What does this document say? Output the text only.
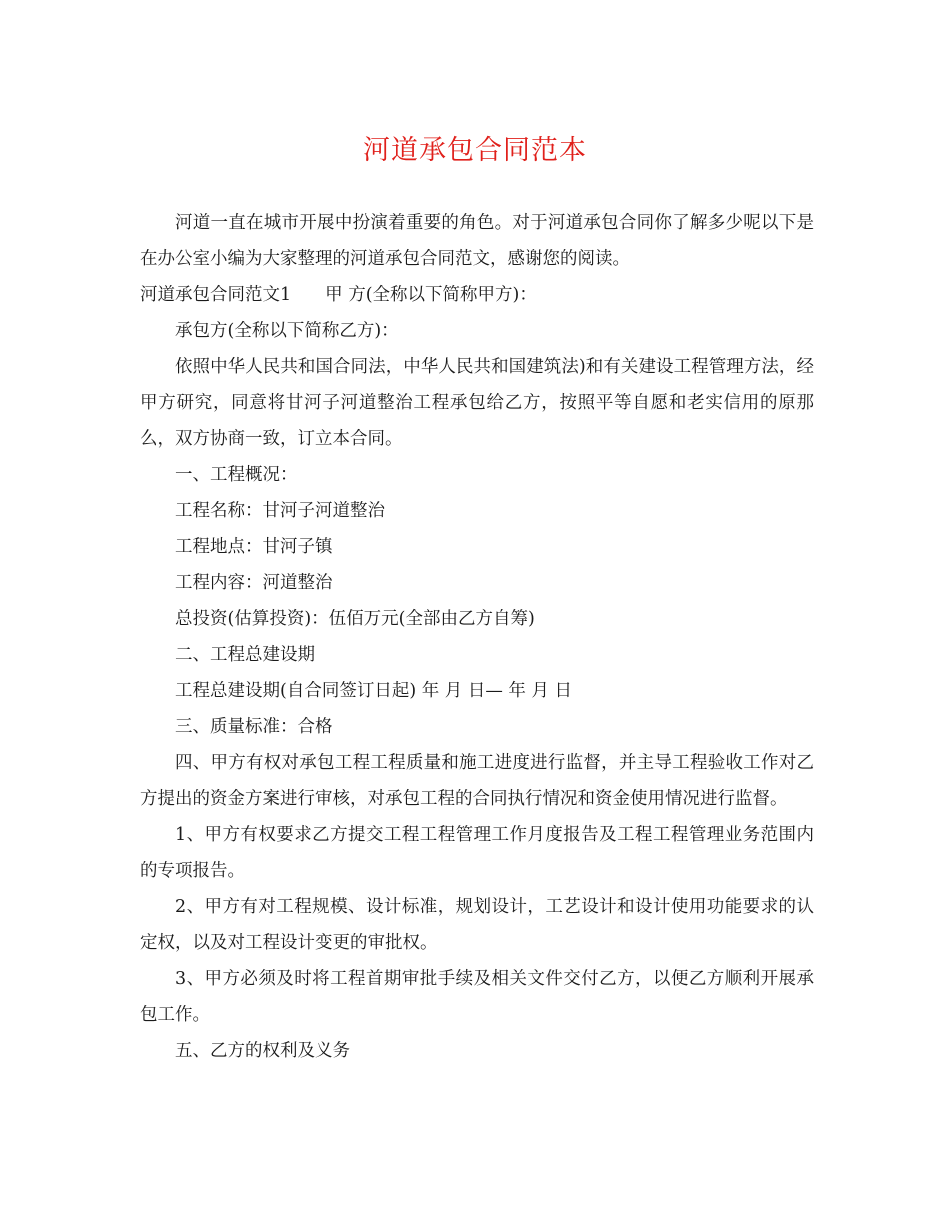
河道承包合同范本

河道一直在城市开展中扮演着重要的角色。对于河道承包合同你了解多少呢以下是在办公室小编为大家整理的河道承包合同范文，感谢您的阅读。

河道承包合同范文1 甲 方(全称以下简称甲方)：

承包方(全称以下简称乙方)：

依照中华人民共和国合同法，中华人民共和国建筑法)和有关建设工程管理方法，经甲方研究，同意将甘河子河道整治工程承包给乙方，按照平等自愿和老实信用的原那么，双方协商一致，订立本合同。

一、工程概况：

工程名称：甘河子河道整治

工程地点：甘河子镇

工程内容：河道整治

总投资(估算投资)：伍佰万元(全部由乙方自筹)

二、工程总建设期

工程总建设期(自合同签订日起) 年 月 日— 年 月 日

三、质量标准：合格

四、甲方有权对承包工程工程质量和施工进度进行监督，并主导工程验收工作对乙方提出的资金方案进行审核，对承包工程的合同执行情况和资金使用情况进行监督。

1、甲方有权要求乙方提交工程工程管理工作月度报告及工程工程管理业务范围内的专项报告。

2、甲方有对工程规模、设计标准，规划设计，工艺设计和设计使用功能要求的认定权，以及对工程设计变更的审批权。

3、甲方必须及时将工程首期审批手续及相关文件交付乙方，以便乙方顺利开展承包工作。

五、乙方的权利及义务
